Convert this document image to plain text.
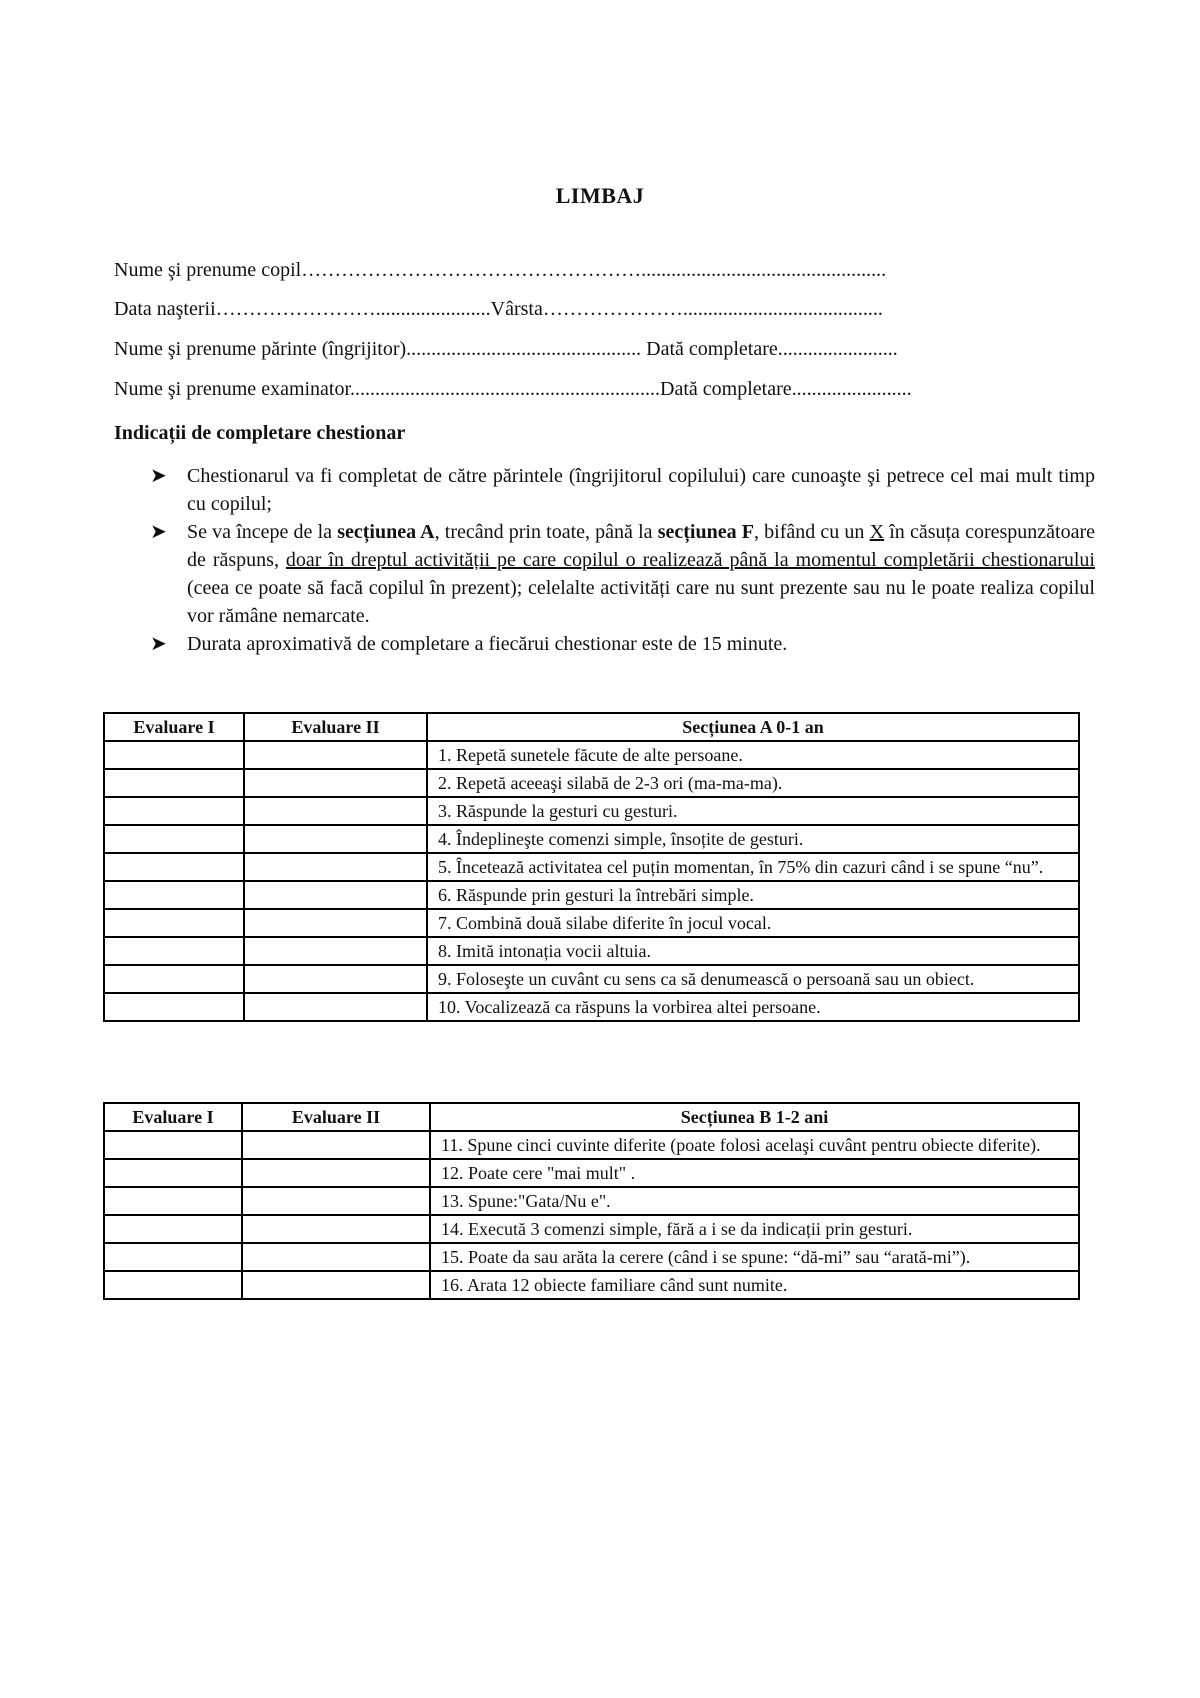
LIMBAJ
Nume şi prenume copil…………………………………………….................................................
Data naşterii…………………….......................Vârsta…………………........................................
Nume şi prenume părinte (îngrijitor)............................................... Dată completare........................
Nume şi prenume examinator..............................................................Dată completare........................
Indicații de completare chestionar
➤ Chestionarul va fi completat de către părintele (îngrijitorul copilului) care cunoaşte şi petrece cel mai mult timp cu copilul;
➤ Se va începe de la secțiunea A, trecând prin toate, până la secțiunea F, bifând cu un X în căsuța corespunzătoare de răspuns, doar în dreptul activității pe care copilul o realizează până la momentul completării chestionarului (ceea ce poate să facă copilul în prezent); celelalte activități care nu sunt prezente sau nu le poate realiza copilul vor rămâne nemarcate.
➤ Durata aproximativă de completare a fiecărui chestionar este de 15 minute.
Evaluare I	Evaluare II	Secțiunea A 0-1 an
		1. Repetă sunetele făcute de alte persoane.
		2. Repetă aceeaşi silabă de 2-3 ori (ma-ma-ma).
		3. Răspunde la gesturi cu gesturi.
		4. Îndeplineşte comenzi simple, însoțite de gesturi.
		5. Încetează activitatea cel puțin momentan, în 75% din cazuri când i se spune “nu”.
		6. Răspunde prin gesturi la întrebări simple.
		7. Combină două silabe diferite în jocul vocal.
		8. Imită intonația vocii altuia.
		9. Foloseşte un cuvânt cu sens ca să denumească o persoană sau un obiect.
		10. Vocalizează ca răspuns la vorbirea altei persoane.
Evaluare I	Evaluare II	Secțiunea B 1-2 ani
		11. Spune cinci cuvinte diferite (poate folosi acelaşi cuvânt pentru obiecte diferite).
		12. Poate cere "mai mult" .
		13. Spune:"Gata/Nu e".
		14. Execută 3 comenzi simple, fără a i se da indicații prin gesturi.
		15. Poate da sau arăta la cerere (când i se spune: “dă-mi” sau “arată-mi”).
		16. Arata 12 obiecte familiare când sunt numite.
